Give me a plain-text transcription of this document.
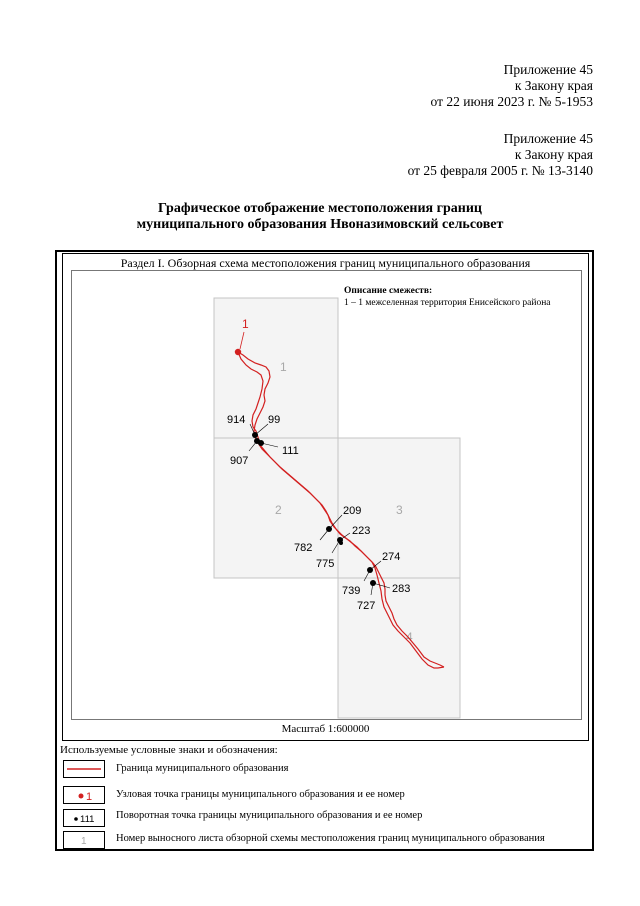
Приложение 45
к Закону края
от 22 июня 2023 г. № 5-1953
Приложение 45
к Закону края
от 25 февраля 2005 г. № 13-3140
Графическое отображение местоположения границ
муниципального образования Нвоназимовский сельсовет
Раздел I. Обзорная схема местоположения границ муниципального образования
1
2	3
4
1
914 99
907
111
209
782
223
775
274
739	283
727
Описание смежеств:
1 – 1 межселенная территория Енисейского района
Масштаб 1:600000
Используемые условные знаки и обозначения:
Граница муниципального образования
1 Узловая точка границы муниципального образования и ее номер
111 Поворотная точка границы муниципального образования и ее номер
1	Номер выносного листа обзорной схемы местоположения границ муниципального образования
